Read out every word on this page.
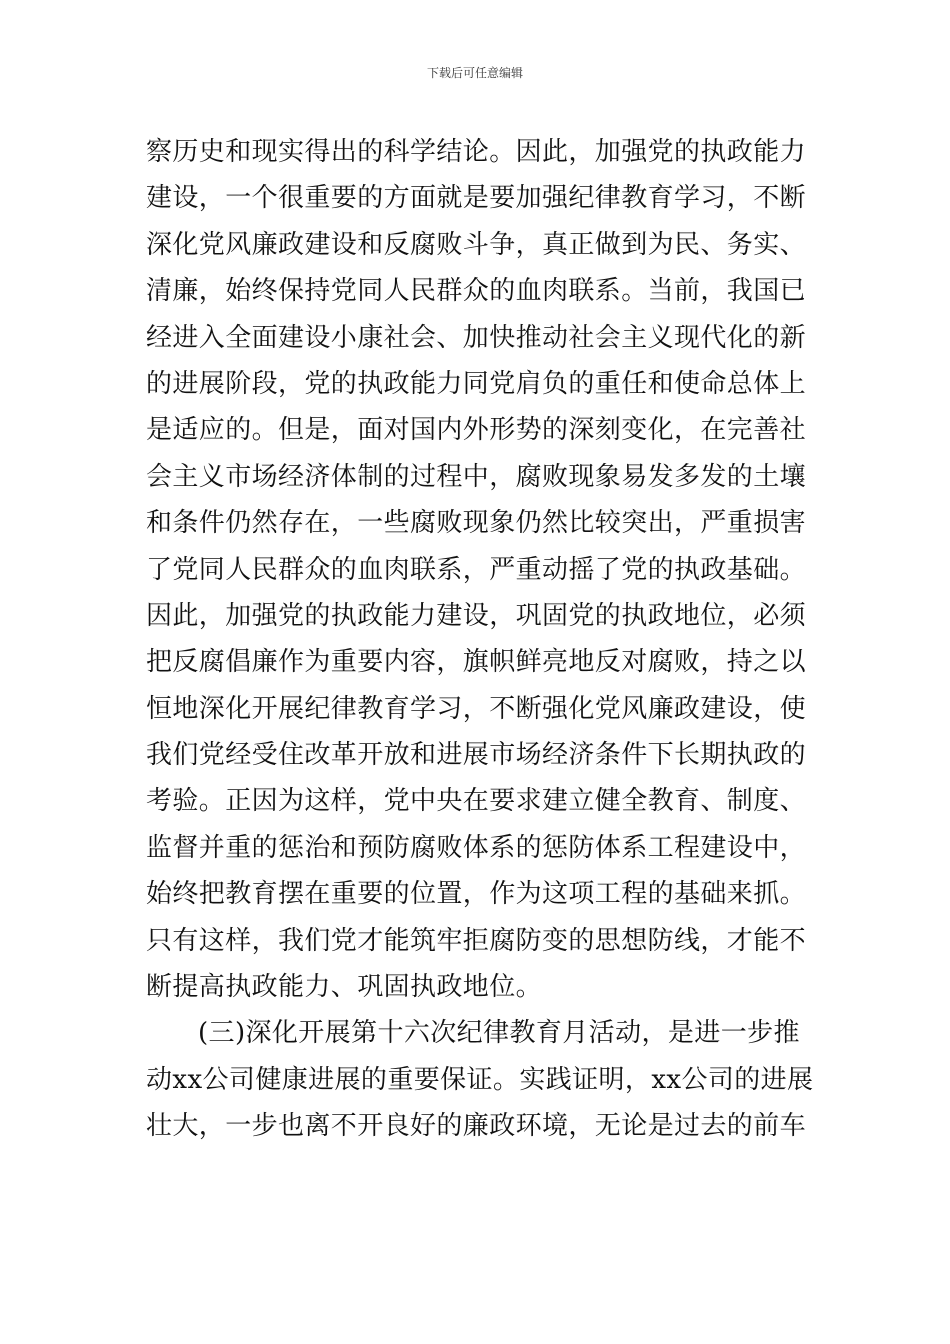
下载后可任意编辑
察历史和现实得出的科学结论。因此，加强党的执政能力
建设，一个很重要的方面就是要加强纪律教育学习，不断
深化党风廉政建设和反腐败斗争，真正做到为民、务实、
清廉，始终保持党同人民群众的血肉联系。当前，我国已
经进入全面建设小康社会、加快推动社会主义现代化的新
的进展阶段，党的执政能力同党肩负的重任和使命总体上
是适应的。但是，面对国内外形势的深刻变化，在完善社
会主义市场经济体制的过程中，腐败现象易发多发的土壤
和条件仍然存在，一些腐败现象仍然比较突出，严重损害
了党同人民群众的血肉联系，严重动摇了党的执政基础。
因此，加强党的执政能力建设，巩固党的执政地位，必须
把反腐倡廉作为重要内容，旗帜鲜亮地反对腐败，持之以
恒地深化开展纪律教育学习，不断强化党风廉政建设，使
我们党经受住改革开放和进展市场经济条件下长期执政的
考验。正因为这样，党中央在要求建立健全教育、制度、
监督并重的惩治和预防腐败体系的惩防体系工程建设中，
始终把教育摆在重要的位置，作为这项工程的基础来抓。
只有这样，我们党才能筑牢拒腐防变的思想防线，才能不
断提高执政能力、巩固执政地位。
(三)深化开展第十六次纪律教育月活动，是进一步推
动xx公司健康进展的重要保证。实践证明，xx公司的进展
壮大，一步也离不开良好的廉政环境，无论是过去的前车
